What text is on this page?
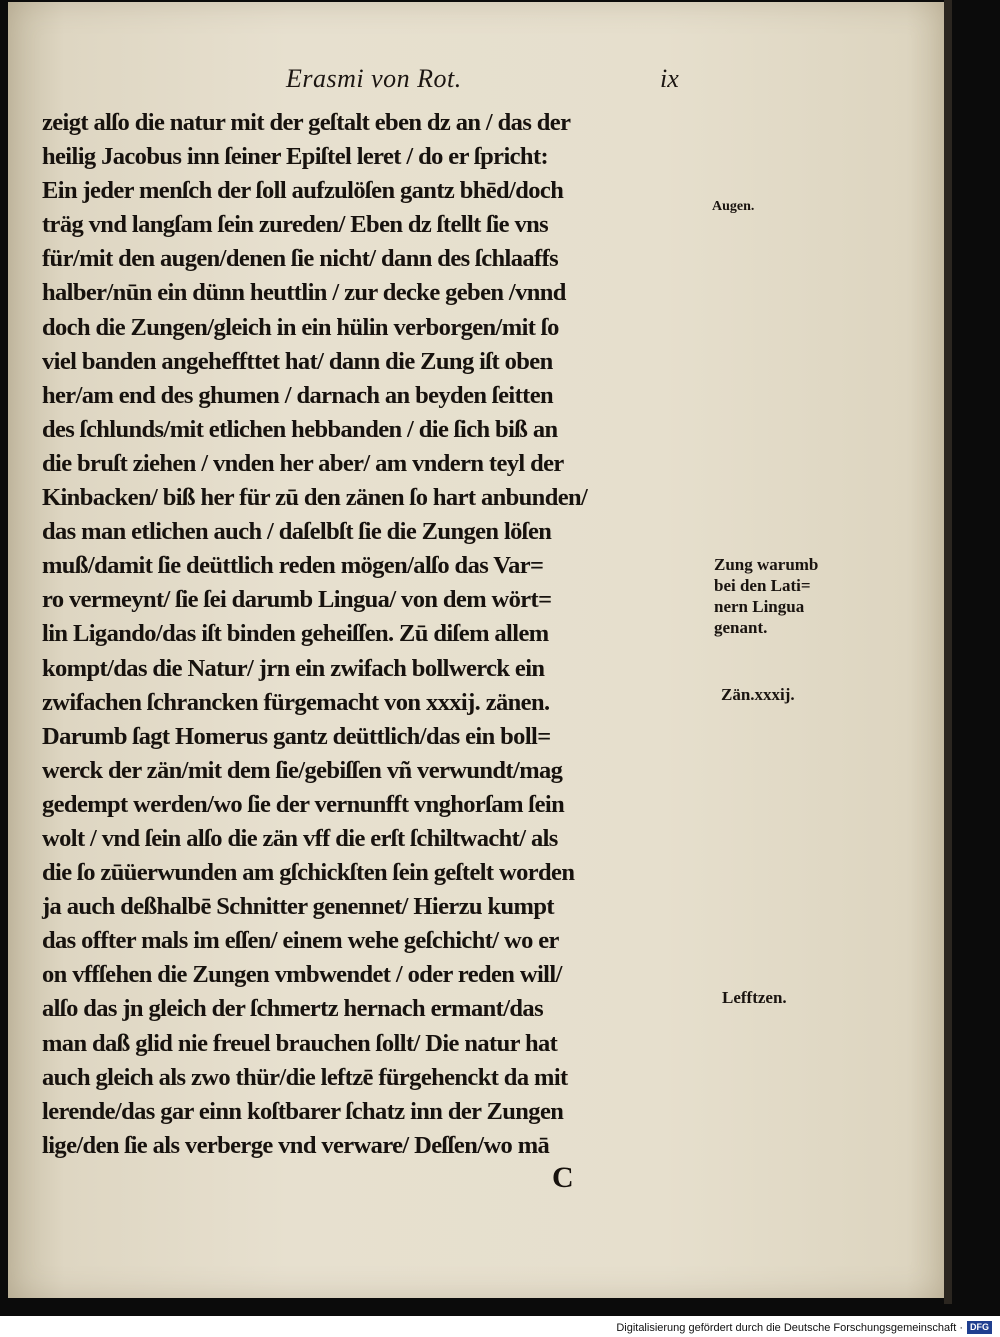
Erasmi von Rot.	ix
zeigt alſo die natur mit der geſtalt eben dz an / das der
heilig Jacobus inn ſeiner Epiſtel leret / do er ſpricht:
Ein jeder menſch der ſoll aufzulöſen gantz bhēd/doch
träg vnd langſam ſein zureden/ Eben dz ſtellt ſie vns
für/mit den augen/denen ſie nicht/ dann des ſchlaaffs
halber/nūn ein dünn heuttlin / zur decke geben /vnnd
doch die Zungen/gleich in ein hülin verborgen/mit ſo
viel banden angeheffttet hat/ dann die Zung iſt oben
her/am end des ghumen / darnach an beyden ſeitten
des ſchlunds/mit etlichen hebbanden / die ſich biß an
die bruſt ziehen / vnden her aber/ am vndern teyl der
Kinbacken/ biß her für zū den zänen ſo hart anbunden/
das man etlichen auch / daſelbſt ſie die Zungen löſen
muß/damit ſie deüttlich reden mögen/alſo das Var=
ro vermeynt/ ſie ſei darumb Lingua/ von dem wört=
lin Ligando/das iſt binden geheiſſen. Zū diſem allem
kompt/das die Natur/ jrn ein zwifach bollwerck ein
zwifachen ſchrancken fürgemacht von xxxij. zänen.
Darumb ſagt Homerus gantz deüttlich/das ein boll=
werck der zän/mit dem ſie/gebiſſen vñ verwundt/mag
gedempt werden/wo ſie der vernunfft vnghorſam ſein
wolt / vnd ſein alſo die zän vff die erſt ſchiltwacht/ als
die ſo zūüerwunden am gſchickſten ſein geſtelt worden
ja auch deßhalbē Schnitter genennet/ Hierzu kumpt
das offter mals im eſſen/ einem wehe geſchicht/ wo er
on vffſehen die Zungen vmbwendet / oder reden will/
alſo das jn gleich der ſchmertz hernach ermant/das
man daß glid nie freuel brauchen ſollt/ Die natur hat
auch gleich als zwo thür/die leftzē fürgehenckt da mit
lerende/das gar einn koſtbarer ſchatz inn der Zungen
lige/den ſie als verberge vnd verware/ Deſſen/wo mā
C
Augen.
Zung warumb
bei den Lati=
nern Lingua
genant.
Zän.xxxij.
Lefftzen.
Digitalisierung gefördert durch die Deutsche Forschungsgemeinschaft · DFG
